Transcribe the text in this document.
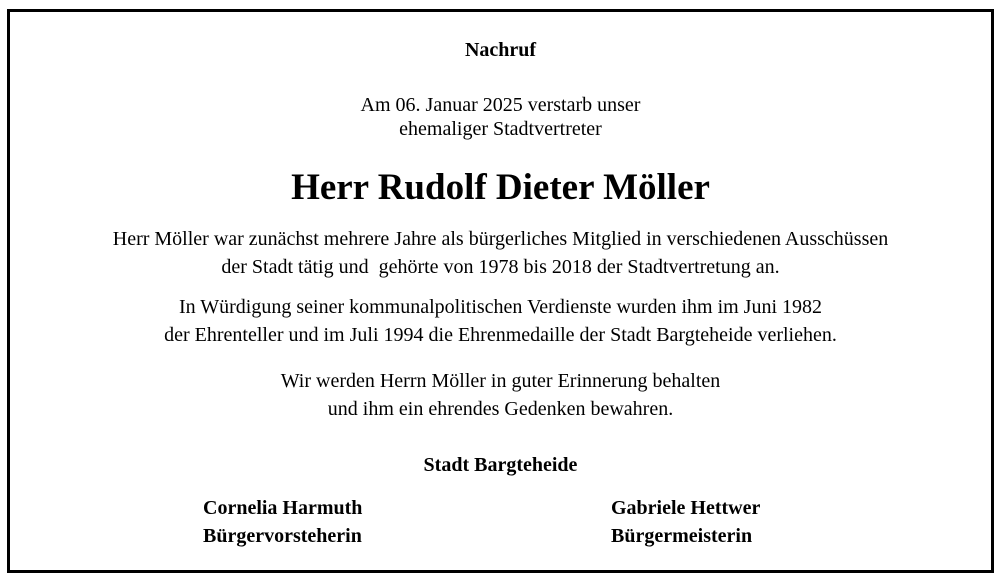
Nachruf
Am 06. Januar 2025 verstarb unser
ehemaliger Stadtvertreter
Herr Rudolf Dieter Möller
Herr Möller war zunächst mehrere Jahre als bürgerliches Mitglied in verschiedenen Ausschüssen
der Stadt tätig und  gehörte von 1978 bis 2018 der Stadtvertretung an.
In Würdigung seiner kommunalpolitischen Verdienste wurden ihm im Juni 1982
der Ehrenteller und im Juli 1994 die Ehrenmedaille der Stadt Bargteheide verliehen.
Wir werden Herrn Möller in guter Erinnerung behalten
und ihm ein ehrendes Gedenken bewahren.
Stadt Bargteheide
Cornelia Harmuth
Bürgervorsteherin
Gabriele Hettwer
Bürgermeisterin
